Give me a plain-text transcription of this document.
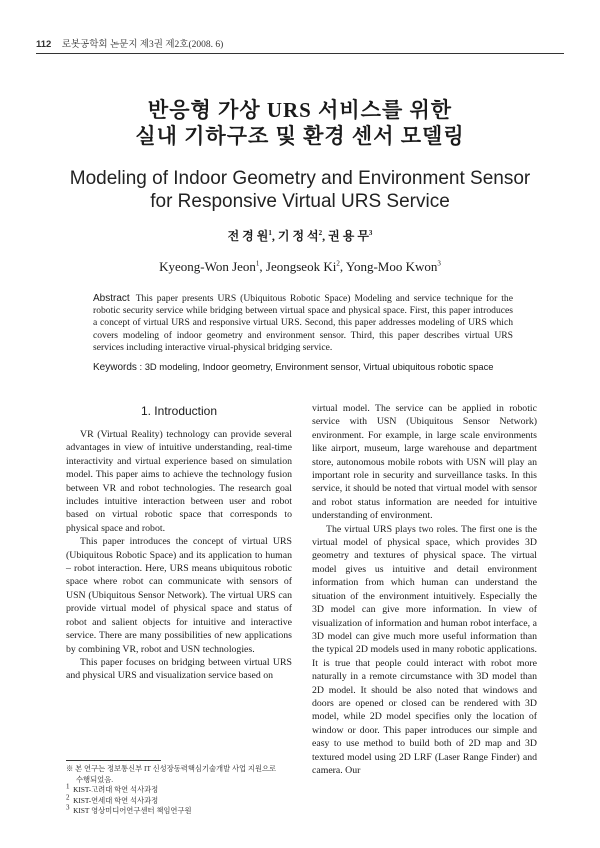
112 로봇공학회 논문지 제3권 제2호(2008. 6)
반응형 가상 URS 서비스를 위한
실내 기하구조 및 환경 센서 모델링
Modeling of Indoor Geometry and Environment Sensor
for Responsive Virtual URS Service
전 경 원$^1$, 기 정 석$^2$, 권 용 무$^3$
Kyeong-Won Jeon$^1$, Jeongseok Ki$^2$, Yong-Moo Kwon$^3$
Abstract This paper presents URS (Ubiquitous Robotic Space) Modeling and service technique for the robotic security service while bridging between virtual space and physical space. First, this paper introduces a concept of virtual URS and responsive virtual URS. Second, this paper addresses modeling of URS which covers modeling of indoor geometry and environment sensor. Third, this paper describes virtual URS services including interactive virual-physical bridging service.
Keywords : 3D modeling, Indoor geometry, Environment sensor, Virtual ubiquitous robotic space
1. Introduction

VR (Virtual Reality) technology can provide several advantages in view of intuitive understanding, real-time interactivity and virtual experience based on simulation model. This paper aims to achieve the technology fusion between VR and robot technologies. The research goal includes intuitive interaction between user and robot based on virtual robotic space that corresponds to physical space and robot.

This paper introduces the concept of virtual URS (Ubiquitous Robotic Space) and its application to human – robot interaction. Here, URS means ubiquitous robotic space where robot can communicate with sensors of USN (Ubiquitous Sensor Network). The virtual URS can provide virtual model of physical space and status of robot and salient objects for intuitive and interactive service. There are many possibilities of new applications by combining VR, robot and USN technologies.

This paper focuses on bridging between virtual URS and physical URS and visualization service based on

※ 본 연구는 정보통신부 IT 신성장동력핵심기술개발 사업 지원으로
수행되었음.
$^1$ KIST-고려대 학연 석사과정
$^2$ KIST-연세대 학연 석사과정
$^3$ KIST 영상미디어연구센터 책임연구원

virtual model. The service can be applied in robotic service with USN (Ubiquitous Sensor Network) environment. For example, in large scale environments like airport, museum, large warehouse and department store, autonomous mobile robots with USN will play an important role in security and surveillance tasks. In this service, it should be noted that virtual model with sensor and robot status information are needed for intuitive understanding of environment.

The virtual URS plays two roles. The first one is the virtual model of physical space, which provides 3D geometry and textures of physical space. The virtual model gives us intuitive and detail environment information from which human can understand the situation of the environment intuitively. Especially the 3D model can give more information. In view of visualization of information and human robot interface, a 3D model can give much more useful information than the typical 2D models used in many robotic applications. It is true that people could interact with robot more naturally in a remote circumstance with 3D model than 2D model. It should be also noted that windows and doors are opened or closed can be rendered with 3D model, while 2D model specifies only the location of window or door. This paper introduces our simple and easy to use method to build both of 2D map and 3D textured model using 2D LRF (Laser Range Finder) and camera. Our
